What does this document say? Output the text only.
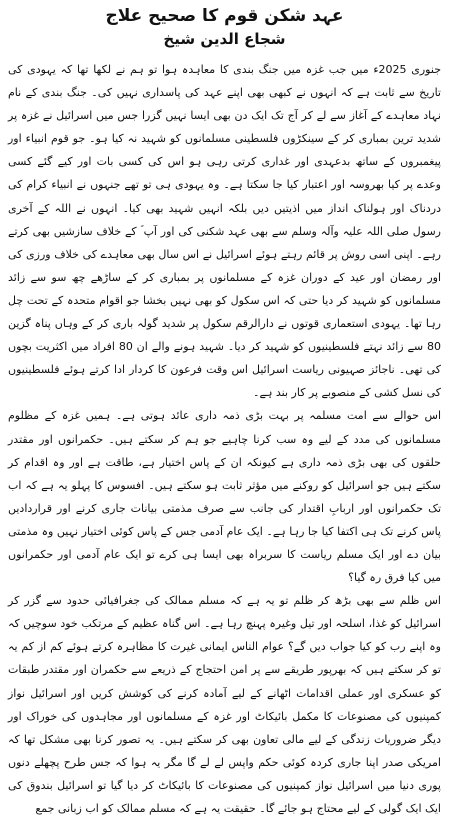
عہد شکن قوم کا صحیح علاج
شجاع الدین شیخ

جنوری 2025ء میں جب غزہ میں جنگ بندی کا معاہدہ ہوا تو ہم نے لکھا تھا کہ یہودی کی تاریخ سے ثابت ہے کہ انہوں نے کبھی بھی اپنے عہد کی پاسداری نہیں کی۔ جنگ بندی کے نام نہاد معاہدے کے آغاز سے لے کر آج تک ایک دن بھی ایسا نہیں گزرا جس میں اسرائیل نے غزہ پر شدید ترین بمباری کر کے سینکڑوں فلسطینی مسلمانوں کو شہید نہ کیا ہو۔ جو قوم انبیاء اور پیغمبروں کے ساتھ بدعہدی اور غداری کرتی رہی ہو اس کی کسی بات اور کیے گئے کسی وعدے پر کیا بھروسہ اور اعتبار کیا جا سکتا ہے۔ وہ یہودی ہی تو تھے جنہوں نے انبیاء کرام کی دردناک اور ہولناک انداز میں اذیتیں دیں بلکہ انہیں شہید بھی کیا۔ انہوں نے اللہ کے آخری رسول صلی اللہ علیہ وآلہ وسلم سے بھی عہد شکنی کی اور آپ ؐ کے خلاف سازشیں بھی کرتے رہے۔ اپنی اسی روش پر قائم رہتے ہوئے اسرائیل نے اس سال بھی معاہدے کی خلاف ورزی کی اور رمضان اور عید کے دوران غزہ کے مسلمانوں پر بمباری کر کے ساڑھے چھ سو سے زائد مسلمانوں کو شہید کر دیا حتی کہ اس سکول کو بھی نہیں بخشا جو اقوام متحدہ کے تحت چل رہا تھا۔ یہودی استعماری قوتوں نے دارالرقم سکول پر شدید گولہ باری کر کے وہاں پناہ گزین 80 سے زائد نہتے فلسطینیوں کو شہید کر دیا۔ شہید ہونے والے ان 80 افراد میں اکثریت بچوں کی تھی۔ ناجائز صہیونی ریاست اسرائیل اس وقت فرعون کا کردار ادا کرتے ہوئے فلسطینیوں کی نسل کشی کے منصوبے پر کار بند ہے۔

اس حوالے سے امت مسلمہ پر بہت بڑی ذمہ داری عائد ہوتی ہے۔ ہمیں غزہ کے مظلوم مسلمانوں کی مدد کے لیے وہ سب کرنا چاہیے جو ہم کر سکتے ہیں۔ حکمرانوں اور مقتدر حلقوں کی بھی بڑی ذمہ داری ہے کیونکہ ان کے پاس اختیار ہے، طاقت ہے اور وہ اقدام کر سکتے ہیں جو اسرائیل کو روکنے میں مؤثر ثابت ہو سکتے ہیں۔ افسوس کا پہلو یہ ہے کہ اب تک حکمرانوں اور اربابِ اقتدار کی جانب سے صرف مذمتی بیانات جاری کرنے اور قراردادیں پاس کرنے تک ہی اکتفا کیا جا رہا ہے۔ ایک عام آدمی جس کے پاس کوئی اختیار نہیں وہ مذمتی بیان دے اور ایک مسلم ریاست کا سربراہ بھی ایسا ہی کرے تو ایک عام آدمی اور حکمرانوں میں کیا فرق رہ گیا؟

اس ظلم سے بھی بڑھ کر ظلم تو یہ ہے کہ مسلم ممالک کی جغرافیائی حدود سے گزر کر اسرائیل کو غذا، اسلحہ اور تیل وغیرہ پہنچ رہا ہے۔ اس گناہ عظیم کے مرتکب خود سوچیں کہ وہ اپنے رب کو کیا جواب دیں گے؟ عوام الناس ایمانی غیرت کا مظاہرہ کرتے ہوئے کم از کم یہ تو کر سکتے ہیں کہ بھرپور طریقے سے پر امن احتجاج کے ذریعے سے حکمران اور مقتدر طبقات کو عسکری اور عملی اقدامات اٹھانے کے لیے آمادہ کرنے کی کوشش کریں اور اسرائیل نواز کمپنیوں کی مصنوعات کا مکمل بائیکاٹ اور غزہ کے مسلمانوں اور مجاہدوں کی خوراک اور دیگر ضروریات زندگی کے لیے مالی تعاون بھی کر سکتے ہیں۔ یہ تصور کرنا بھی مشکل تھا کہ امریکی صدر اپنا جاری کردہ کوئی حکم واپس لے لے گا مگر یہ ہوا کہ جس طرح پچھلے دنوں پوری دنیا میں اسرائیل نواز کمپنیوں کی مصنوعات کا بائیکاٹ کر دیا گیا تو اسرائیل بندوق کی ایک ایک گولی کے لیے محتاج ہو جائے گا۔ حقیقت یہ ہے کہ مسلم ممالک کو اب زبانی جمع
